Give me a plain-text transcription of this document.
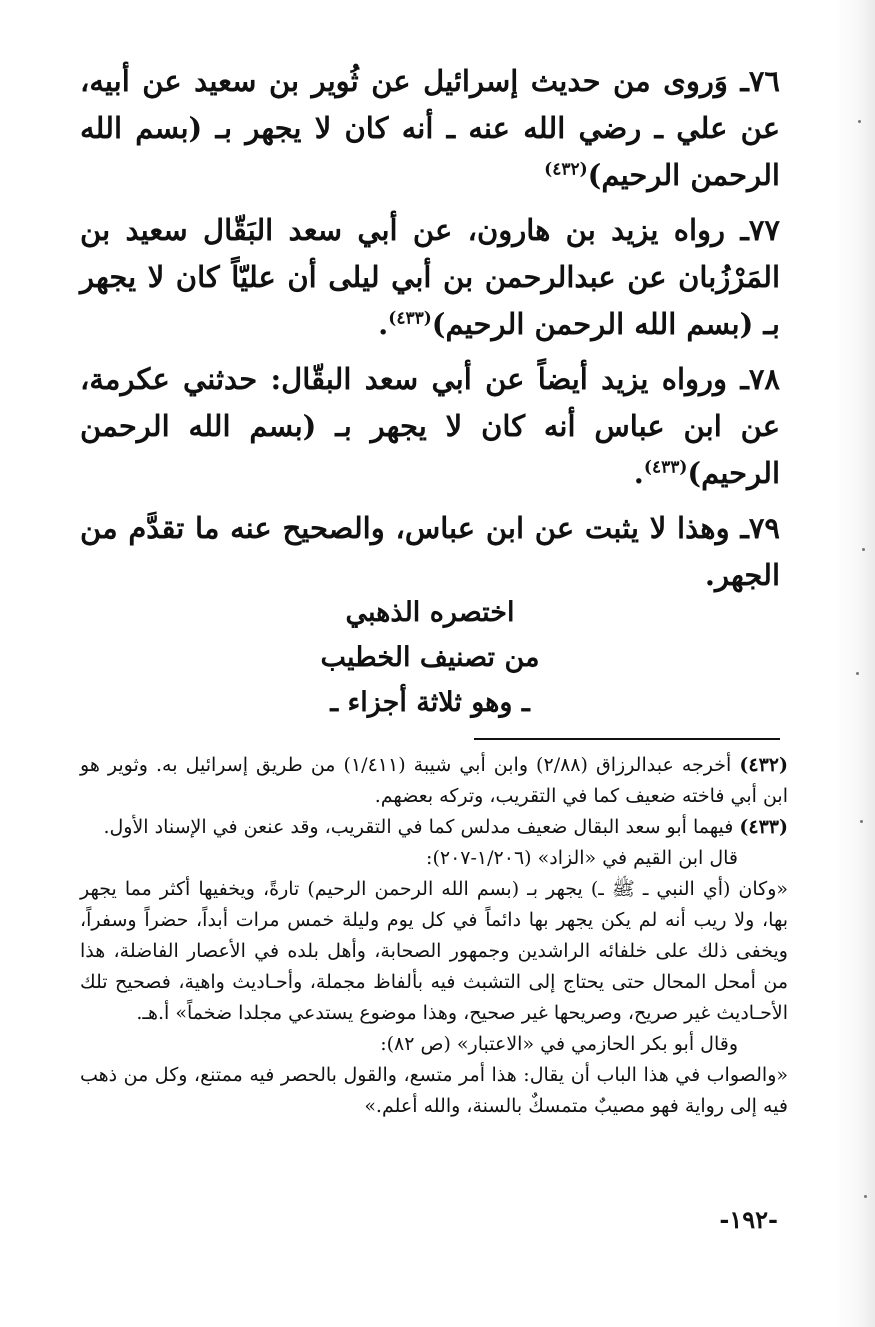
٧٦ـ وَروى من حديث إسرائيل عن ثُوير بن سعيد عن أبيه، عن علي ـ رضي الله عنه ـ أنه كان لا يجهر بـ (بسم الله الرحمن الرحيم)$^{(٤٣٢)}$

٧٧ـ رواه يزيد بن هارون، عن أبي سعد البَقّال سعيد بن المَرْزُبان عن عبدالرحمن بن أبي ليلى أن عليّاً كان لا يجهر بـ (بسم الله الرحمن الرحيم)$^{(٤٣٣)}$.

٧٨ـ ورواه يزيد أيضاً عن أبي سعد البقّال: حدثني عكرمة، عن ابن عباس أنه كان لا يجهر بـ (بسم الله الرحمن الرحيم)$^{(٤٣٣)}$.

٧٩ـ وهذا لا يثبت عن ابن عباس، والصحيح عنه ما تقدَّم من الجهر.

اختصره الذهبي
من تصنيف الخطيب
ـ وهو ثلاثة أجزاء ـ

(٤٣٢) أخرجه عبدالرزاق (٢/٨٨) وابن أبي شيبة (١/٤١١) من طريق إسرائيل به. وثوير هو ابن أبي فاخته ضعيف كما في التقريب، وتركه بعضهم.

(٤٣٣) فيهما أبو سعد البقال ضعيف مدلس كما في التقريب، وقد عنعن في الإسناد الأول.

قال ابن القيم في «الزاد» (١/٢٠٦-٢٠٧):

«وكان (أي النبي ـ ﷺ ـ) يجهر بـ (بسم الله الرحمن الرحيم) تارةً، ويخفيها أكثر مما يجهر بها، ولا ريب أنه لم يكن يجهر بها دائماً في كل يوم وليلة خمس مرات أبداً، حضراً وسفراً، ويخفى ذلك على خلفائه الراشدين وجمهور الصحابة، وأهل بلده في الأعصار الفاضلة، هذا من أمحل المحال حتى يحتاج إلى التشبث فيه بألفاظ مجملة، وأحـاديث واهية، فصحيح تلك الأحـاديث غير صريح، وصريحها غير صحيح، وهذا موضوع يستدعي مجلدا ضخماً» أ.هـ.

وقال أبو بكر الحازمي في «الاعتبار» (ص ٨٢):

«والصواب في هذا الباب أن يقال: هذا أمر متسع، والقول بالحصر فيه ممتنع، وكل من ذهب فيه إلى رواية فهو مصيبٌ متمسكٌ بالسنة، والله أعلم.»

-١٩٢-
